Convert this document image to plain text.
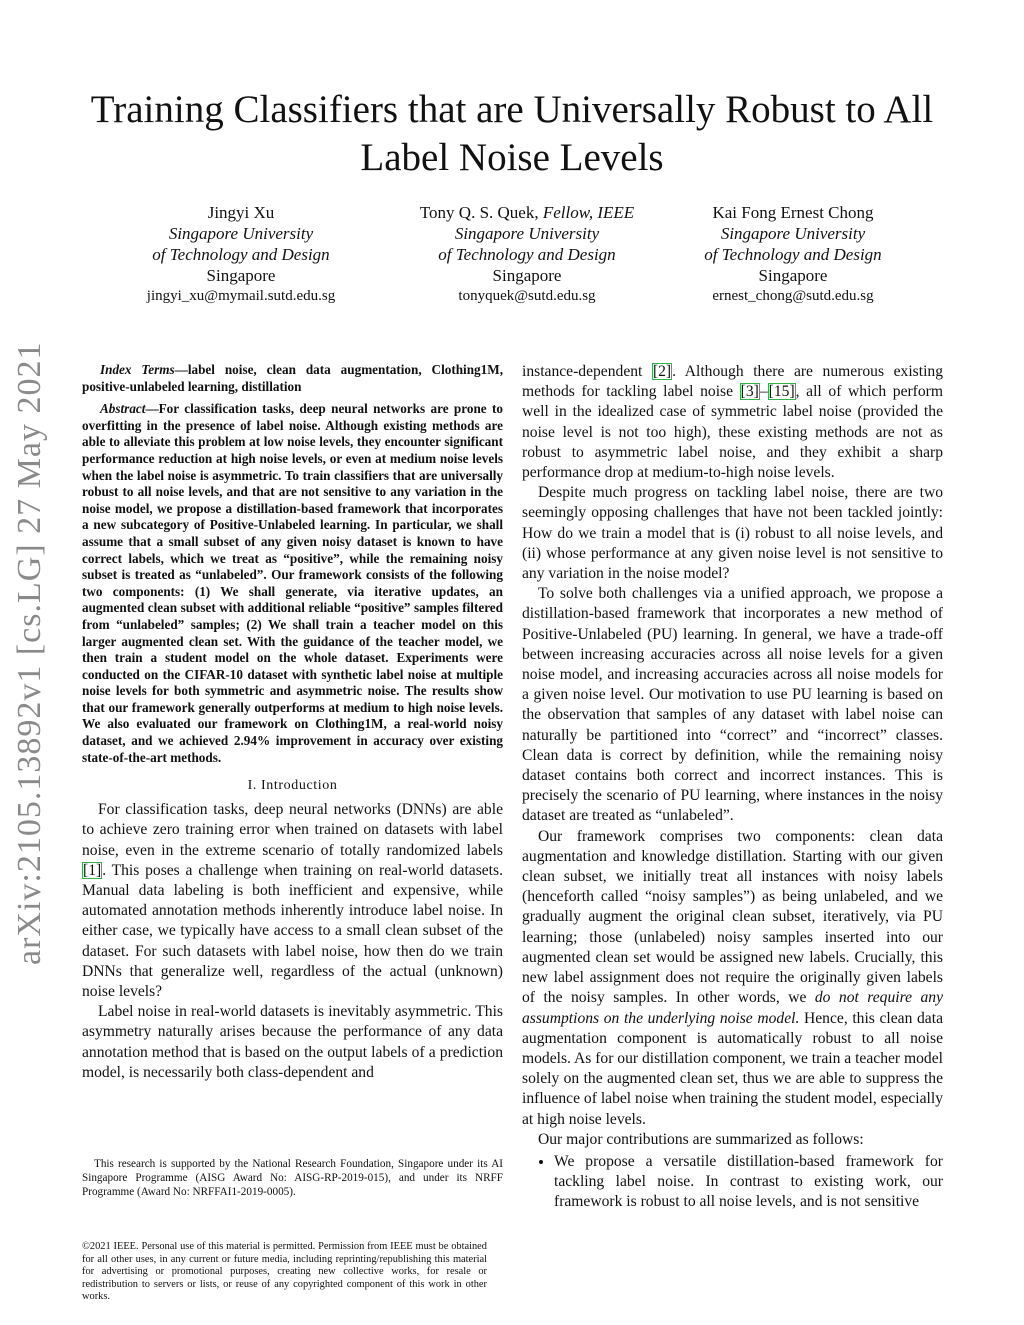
Training Classifiers that are Universally Robust to All Label Noise Levels
Jingyi Xu
Singapore University
of Technology and Design
Singapore
jingyi_xu@mymail.sutd.edu.sg
Tony Q. S. Quek, Fellow, IEEE
Singapore University
of Technology and Design
Singapore
tonyquek@sutd.edu.sg
Kai Fong Ernest Chong
Singapore University
of Technology and Design
Singapore
ernest_chong@sutd.edu.sg
arXiv:2105.13892v1 [cs.LG] 27 May 2021	Index Terms—label noise, clean data augmentation, Clothing1M, positive-unlabeled learning, distillation

Abstract—For classification tasks, deep neural networks are prone to overfitting in the presence of label noise. Although existing methods are able to alleviate this problem at low noise levels, they encounter significant performance reduction at high noise levels, or even at medium noise levels when the label noise is asymmetric. To train classifiers that are universally robust to all noise levels, and that are not sensitive to any variation in the noise model, we propose a distillation-based framework that incorporates a new subcategory of Positive-Unlabeled learning. In particular, we shall assume that a small subset of any given noisy dataset is known to have correct labels, which we treat as “positive”, while the remaining noisy subset is treated as “unlabeled”. Our framework consists of the following two components: (1) We shall generate, via iterative updates, an augmented clean subset with additional reliable “positive” samples filtered from “unlabeled” samples; (2) We shall train a teacher model on this larger augmented clean set. With the guidance of the teacher model, we then train a student model on the whole dataset. Experiments were conducted on the CIFAR-10 dataset with synthetic label noise at multiple noise levels for both symmetric and asymmetric noise. The results show that our framework generally outperforms at medium to high noise levels. We also evaluated our framework on Clothing1M, a real-world noisy dataset, and we achieved 2.94% improvement in accuracy over existing state-of-the-art methods.

I. Introduction

For classification tasks, deep neural networks (DNNs) are able to achieve zero training error when trained on datasets with label noise, even in the extreme scenario of totally randomized labels [1]. This poses a challenge when training on real-world datasets. Manual data labeling is both inefficient and expensive, while automated annotation methods inherently introduce label noise. In either case, we typically have access to a small clean subset of the dataset. For such datasets with label noise, how then do we train DNNs that generalize well, regardless of the actual (unknown) noise levels?

Label noise in real-world datasets is inevitably asymmetric. This asymmetry naturally arises because the performance of any data annotation method that is based on the output labels of a prediction model, is necessarily both class-dependent and

This research is supported by the National Research Foundation, Singapore under its AI Singapore Programme (AISG Award No: AISG-RP-2019-015), and under its NRFF Programme (Award No: NRFFAI1-2019-0005).

©2021 IEEE. Personal use of this material is permitted. Permission from IEEE must be obtained for all other uses, in any current or future media, including reprinting/republishing this material for advertising or promotional purposes, creating new collective works, for resale or redistribution to servers or lists, or reuse of any copyrighted component of this work in other works.

instance-dependent [2]. Although there are numerous existing methods for tackling label noise [3]–[15], all of which perform well in the idealized case of symmetric label noise (provided the noise level is not too high), these existing methods are not as robust to asymmetric label noise, and they exhibit a sharp performance drop at medium-to-high noise levels.

Despite much progress on tackling label noise, there are two seemingly opposing challenges that have not been tackled jointly: How do we train a model that is (i) robust to all noise levels, and (ii) whose performance at any given noise level is not sensitive to any variation in the noise model?

To solve both challenges via a unified approach, we propose a distillation-based framework that incorporates a new method of Positive-Unlabeled (PU) learning. In general, we have a trade-off between increasing accuracies across all noise levels for a given noise model, and increasing accuracies across all noise models for a given noise level. Our motivation to use PU learning is based on the observation that samples of any dataset with label noise can naturally be partitioned into “correct” and “incorrect” classes. Clean data is correct by definition, while the remaining noisy dataset contains both correct and incorrect instances. This is precisely the scenario of PU learning, where instances in the noisy dataset are treated as “unlabeled”.

Our framework comprises two components: clean data augmentation and knowledge distillation. Starting with our given clean subset, we initially treat all instances with noisy labels (henceforth called “noisy samples”) as being unlabeled, and we gradually augment the original clean subset, iteratively, via PU learning; those (unlabeled) noisy samples inserted into our augmented clean set would be assigned new labels. Crucially, this new label assignment does not require the originally given labels of the noisy samples. In other words, we do not require any assumptions on the underlying noise model. Hence, this clean data augmentation component is automatically robust to all noise models. As for our distillation component, we train a teacher model solely on the augmented clean set, thus we are able to suppress the influence of label noise when training the student model, especially at high noise levels.

Our major contributions are summarized as follows:

• We propose a versatile distillation-based framework for tackling label noise. In contrast to existing work, our framework is robust to all noise levels, and is not sensitive
